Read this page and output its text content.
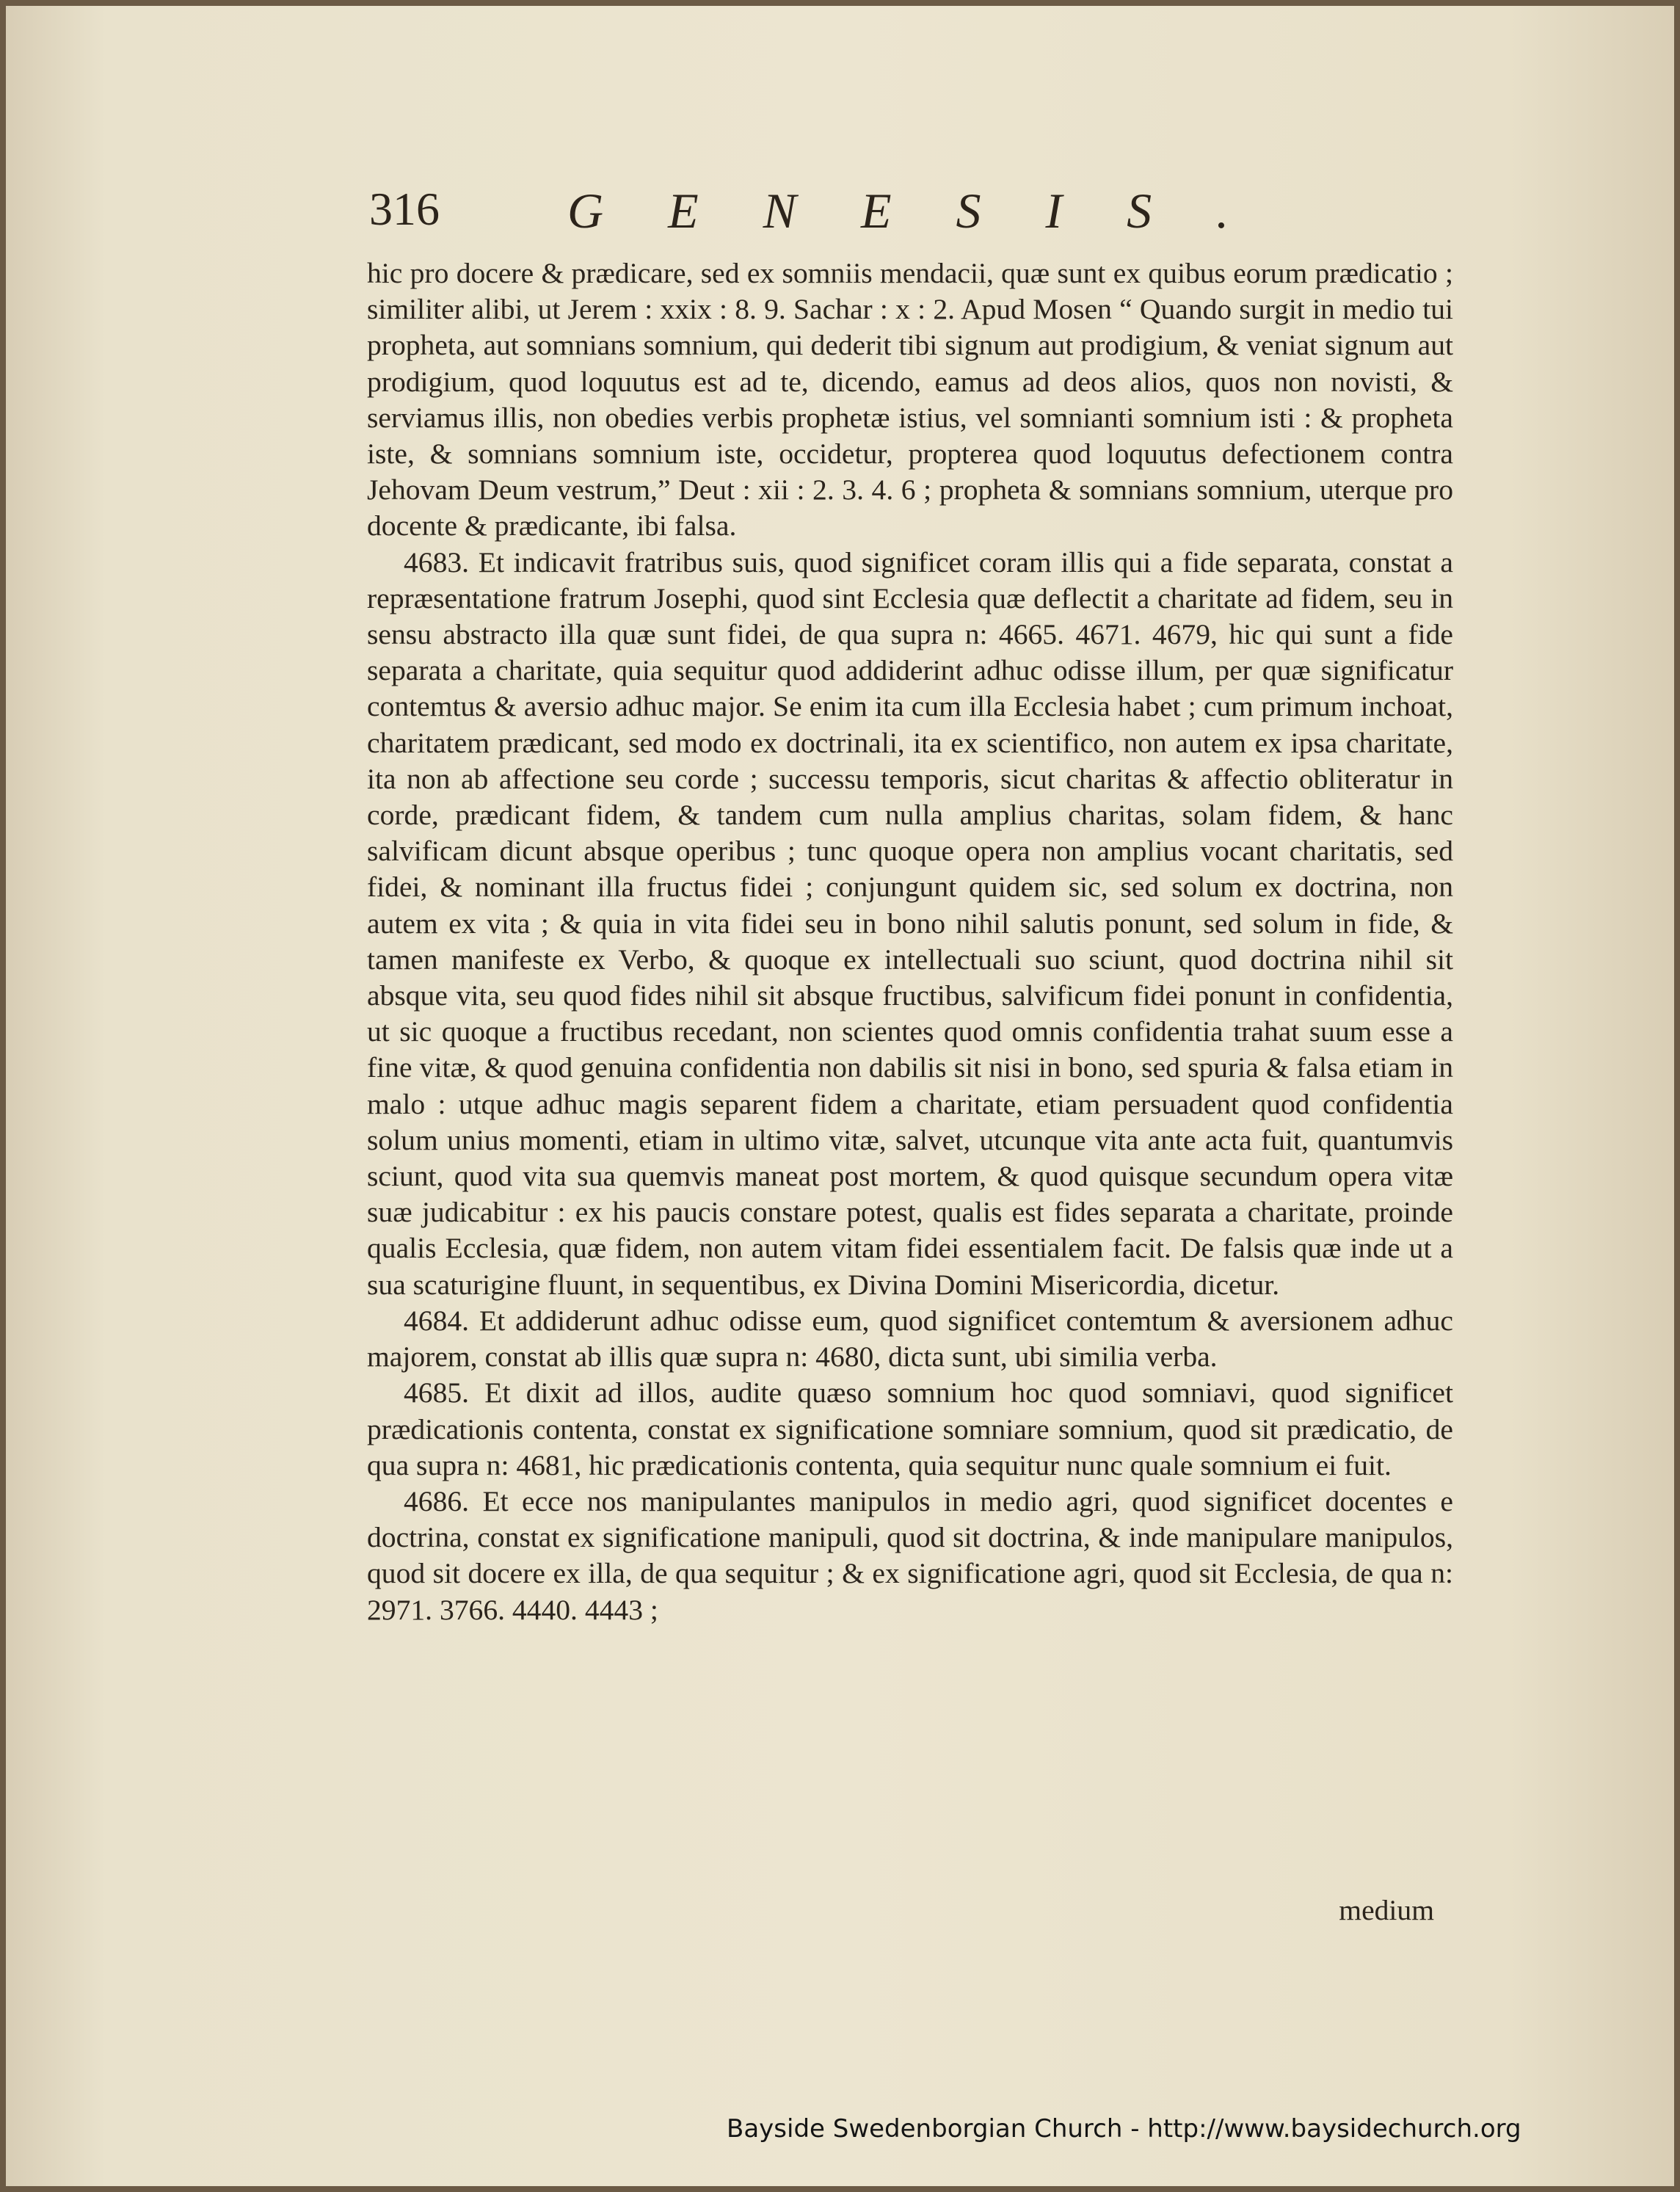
316	GENESIS.

hic pro docere & prædicare, sed ex somniis mendacii, quæ sunt ex quibus eorum prædicatio ; similiter alibi, ut Jerem : xxix : 8. 9. Sachar : x : 2. Apud Mosen “ Quando surgit in medio tui propheta, aut somnians somnium, qui dederit tibi signum aut prodigium, & veniat signum aut prodigium, quod loquutus est ad te, dicendo, eamus ad deos alios, quos non novisti, & serviamus illis, non obedies verbis prophetæ istius, vel somnianti somnium isti : & propheta iste, & somnians somnium iste, occidetur, propterea quod loquutus defectionem contra Jehovam Deum vestrum,” Deut : xii : 2. 3. 4. 6 ; propheta & somnians somnium, uterque pro docente & prædicante, ibi falsa.

4683. Et indicavit fratribus suis, quod significet coram illis qui a fide separata, constat a repræsentatione fratrum Josephi, quod sint Ecclesia quæ deflectit a charitate ad fidem, seu in sensu abstracto illa quæ sunt fidei, de qua supra n: 4665. 4671. 4679, hic qui sunt a fide separata a charitate, quia sequitur quod addiderint adhuc odisse illum, per quæ significatur contemtus & aversio adhuc major. Se enim ita cum illa Ecclesia habet ; cum primum inchoat, charitatem prædicant, sed modo ex doctrinali, ita ex scientifico, non autem ex ipsa charitate, ita non ab affectione seu corde ; successu temporis, sicut charitas & affectio obliteratur in corde, prædicant fidem, & tandem cum nulla amplius charitas, solam fidem, & hanc salvificam dicunt absque operibus ; tunc quoque opera non amplius vocant charitatis, sed fidei, & nominant illa fructus fidei ; conjungunt quidem sic, sed solum ex doctrina, non autem ex vita ; & quia in vita fidei seu in bono nihil salutis ponunt, sed solum in fide, & tamen manifeste ex Verbo, & quoque ex intellectuali suo sciunt, quod doctrina nihil sit absque vita, seu quod fides nihil sit absque fructibus, salvificum fidei ponunt in confidentia, ut sic quoque a fructibus recedant, non scientes quod omnis confidentia trahat suum esse a fine vitæ, & quod genuina confidentia non dabilis sit nisi in bono, sed spuria & falsa etiam in malo : utque adhuc magis separent fidem a charitate, etiam persuadent quod confidentia solum unius momenti, etiam in ultimo vitæ, salvet, utcunque vita ante acta fuit, quantumvis sciunt, quod vita sua quemvis maneat post mortem, & quod quisque secundum opera vitæ suæ judicabitur : ex his paucis constare potest, qualis est fides separata a charitate, proinde qualis Ecclesia, quæ fidem, non autem vitam fidei essentialem facit. De falsis quæ inde ut a sua scaturigine fluunt, in sequentibus, ex Divina Domini Misericordia, dicetur.

4684. Et addiderunt adhuc odisse eum, quod significet contemtum & aversionem adhuc majorem, constat ab illis quæ supra n: 4680, dicta sunt, ubi similia verba.

4685. Et dixit ad illos, audite quæso somnium hoc quod somniavi, quod significet prædicationis contenta, constat ex significatione somniare somnium, quod sit prædicatio, de qua supra n: 4681, hic prædicationis contenta, quia sequitur nunc quale somnium ei fuit.

4686. Et ecce nos manipulantes manipulos in medio agri, quod significet docentes e doctrina, constat ex significatione manipuli, quod sit doctrina, & inde manipulare manipulos, quod sit docere ex illa, de qua sequitur ; & ex significatione agri, quod sit Ecclesia, de qua n: 2971. 3766. 4440. 4443 ;

medium
Bayside Swedenborgian Church - http://www.baysidechurch.org
